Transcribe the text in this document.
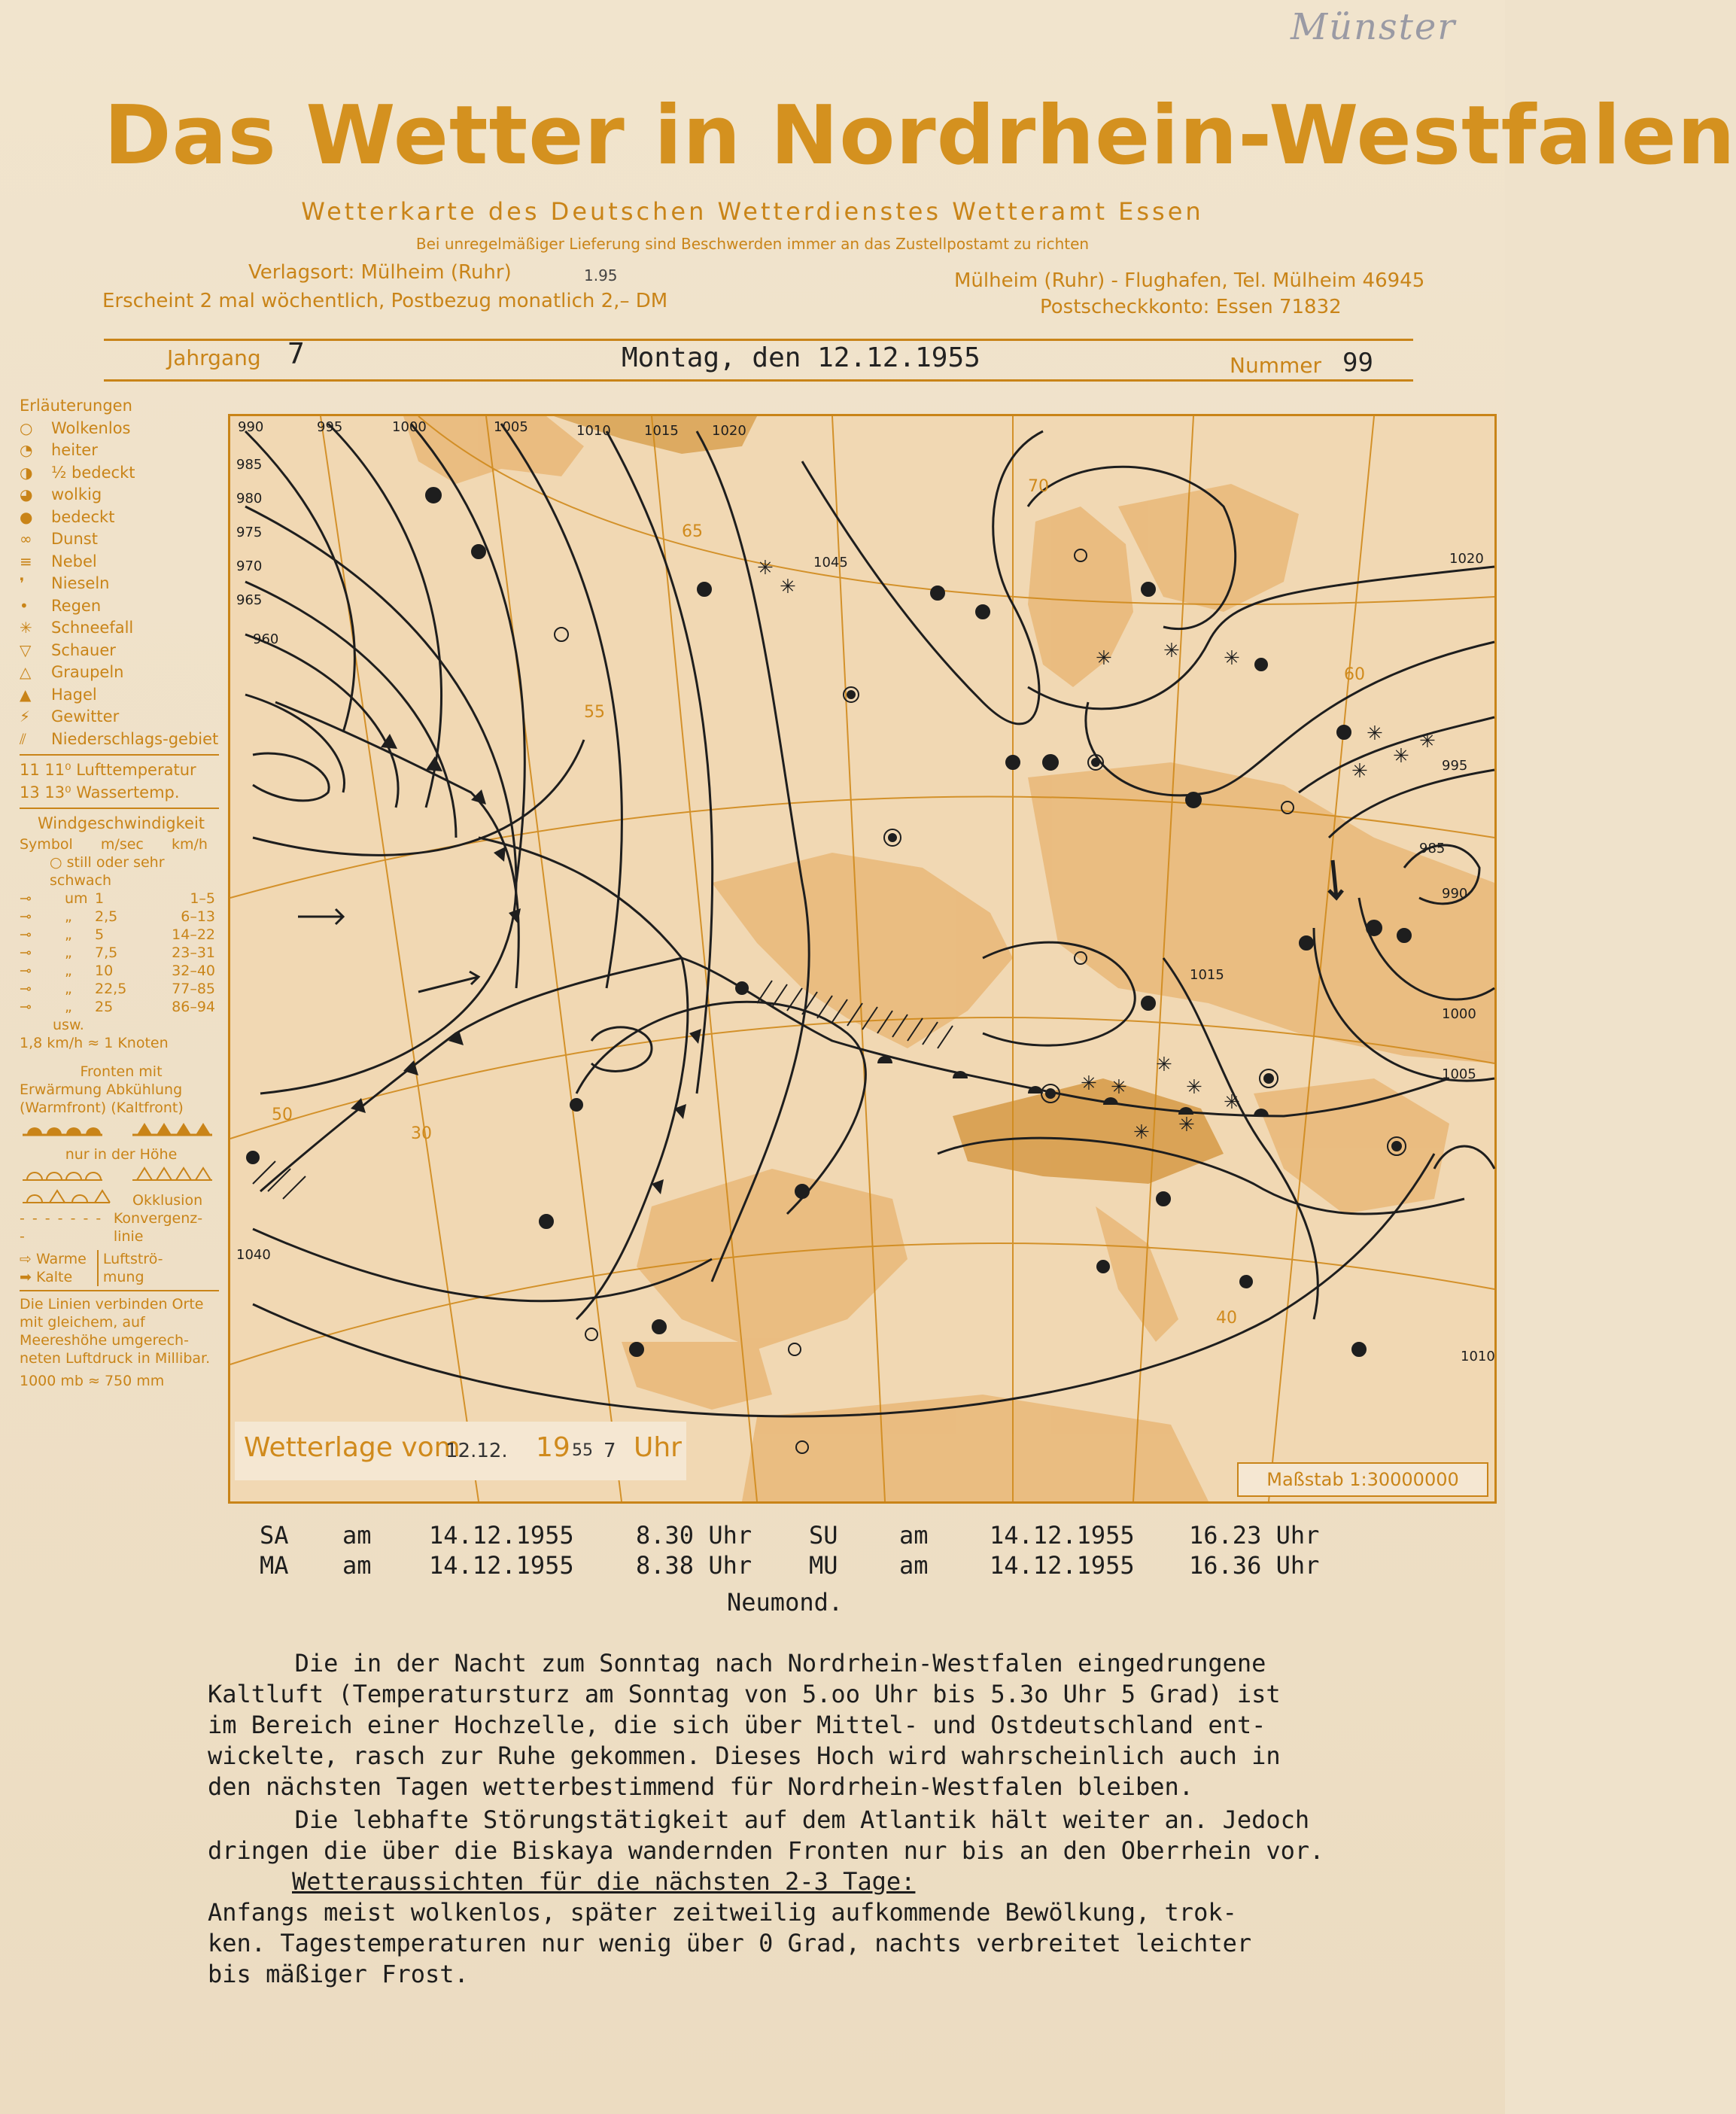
Münster
Das Wetter in Nordrhein-Westfalen
Wetterkarte des Deutschen Wetterdienstes Wetteramt Essen
Bei unregelmäßiger Lieferung sind Beschwerden immer an das Zustellpostamt zu richten
Verlagsort: Mülheim (Ruhr)	1.95
Erscheint 2 mal wöchentlich, Postbezug monatlich 2,– DM
Mülheim (Ruhr) - Flughafen, Tel. Mülheim 46945
Postscheckkonto: Essen 71832
Jahrgang 7	Montag, den 12.12.1955	Nummer 99
Erläuterungen
○	Wolkenlos
◔	heiter
◑	½ bedeckt
◕	wolkig
●	bedeckt
∞	Dunst
≡	Nebel
❜	Nieseln
•	Regen
✳	Schneefall
▽	Schauer
△	Graupeln
▲	Hagel
⚡	Gewitter
⫽	Niederschlags-gebiet
11 11⁰ Lufttemperatur
13 13⁰ Wassertemp.
Windgeschwindigkeit
Symbol m/sec km/h
○ still oder sehr schwach
⊸	um 1	1–5
⊸	„	2,5	6–13
⊸	„	5	14–22
⊸	„	7,5	23–31
⊸	„	10	32–40
⊸	„	22,5	77–85
⊸	„	25	86–94
usw.
1,8 km/h ≈ 1 Knoten
Fronten mit
Erwärmung Abkühlung
(Warmfront) (Kaltfront)
nur in der Höhe
Okklusion
- - - - - - - -
Konvergenz-linie
⇨ Warme
➡ Kalte
Luftströ-mung
Die Linien verbinden Orte mit gleichem, auf Meereshöhe umgerech-neten Luftdruck in Millibar.
1000 mb ≈ 750 mm
✳ ✳
✳
✳
✳
✳ ✳
✳	✳ ✳
✳
✳
✳
✳
✳
✳
990	995	1000	1005	1010 1015 1020
985
980
975
970
965
960
1040
1045
1010
1015
1020
1005
1000
995
990
985
50
40
30
65
60
55
70
Wetterlage vom
12.12. 19 55 7 Uhr
Maßstab 1:30000000
SA am 14.12.1955	8.30 Uhr SU	am	14.12.1955 16.23 Uhr
MA am 14.12.1955	8.38 Uhr MU	am	14.12.1955 16.36 Uhr
Neumond.
Die in der Nacht zum Sonntag nach Nordrhein-Westfalen eingedrungene
Kaltluft (Temperatursturz am Sonntag von 5.oo Uhr bis 5.3o Uhr 5 Grad) ist
im Bereich einer Hochzelle, die sich über Mittel- und Ostdeutschland ent-
wickelte, rasch zur Ruhe gekommen. Dieses Hoch wird wahrscheinlich auch in
den nächsten Tagen wetterbestimmend für Nordrhein-Westfalen bleiben.
Die lebhafte Störungstätigkeit auf dem Atlantik hält weiter an. Jedoch
dringen die über die Biskaya wandernden Fronten nur bis an den Oberrhein vor.
Wetteraussichten für die nächsten 2-3 Tage:
Anfangs meist wolkenlos, später zeitweilig aufkommende Bewölkung, trok-
ken. Tagestemperaturen nur wenig über 0 Grad, nachts verbreitet leichter
bis mäßiger Frost.
